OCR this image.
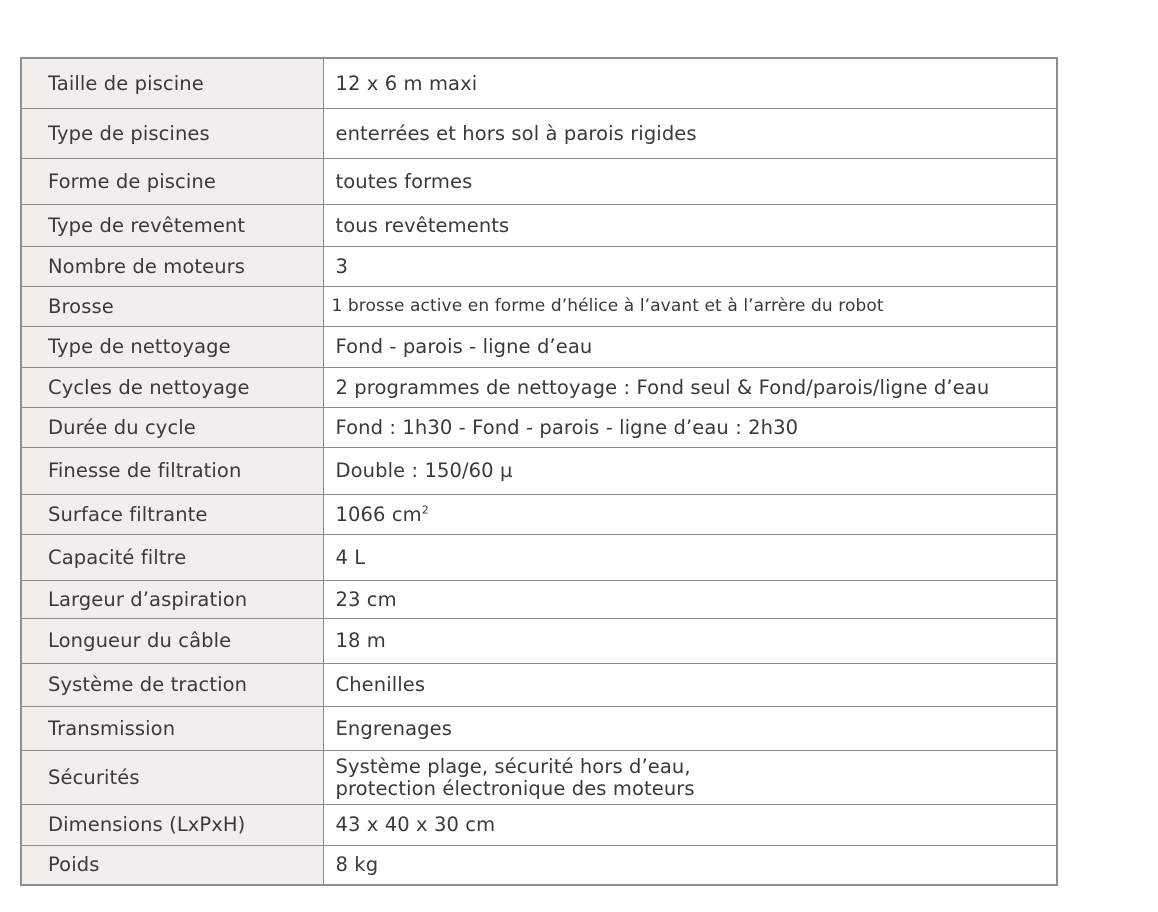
Taille de piscine	12 x 6 m maxi
Type de piscines	enterrées et hors sol à parois rigides
Forme de piscine	toutes formes
Type de revêtement	tous revêtements
Nombre de moteurs	3
Brosse	1 brosse active en forme d’hélice à l’avant et à l’arrère du robot
Type de nettoyage	Fond - parois - ligne d’eau
Cycles de nettoyage	2 programmes de nettoyage : Fond seul & Fond/parois/ligne d’eau
Durée du cycle	Fond : 1h30 - Fond - parois - ligne d’eau : 2h30
Finesse de filtration	Double : 150/60 µ
Surface filtrante	1066 $cm^2$
Capacité filtre	4 L
Largeur d’aspiration	23 cm
Longueur du câble	18 m
Système de traction	Chenilles
Transmission	Engrenages
Sécurités	Système plage, sécurité hors d’eau,
protection électronique des moteurs

Dimensions (LxPxH)	43 x 40 x 30 cm
Poids	8 kg
